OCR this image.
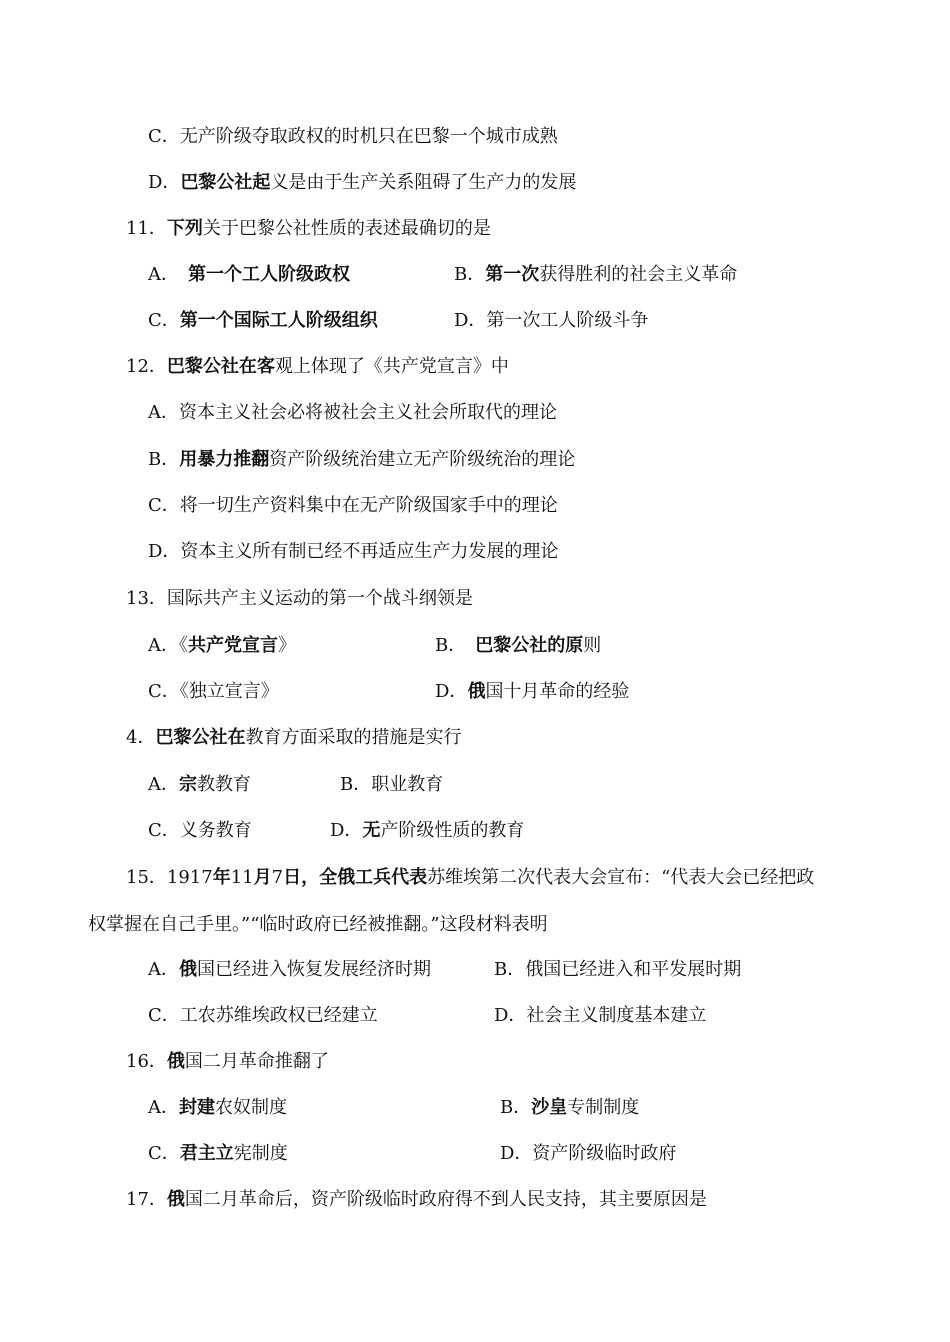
C．无产阶级夺取政权的时机只在巴黎一个城市成熟
D．巴黎公社起义是由于生产关系阻碍了生产力的发展
11．下列关于巴黎公社性质的表述最确切的是
A．　第一个工人阶级政权	B．第一次获得胜利的社会主义革命
C．第一个国际工人阶级组织	D．第一次工人阶级斗争
12．巴黎公社在客观上体现了《共产党宣言》中
A．资本主义社会必将被社会主义社会所取代的理论
B．用暴力推翻资产阶级统治建立无产阶级统治的理论
C．将一切生产资料集中在无产阶级国家手中的理论
D．资本主义所有制已经不再适应生产力发展的理论
13．国际共产主义运动的第一个战斗纲领是
A．《共产党宣言》	B．　巴黎公社的原则
C．《独立宣言》	D．俄国十月革命的经验
4．巴黎公社在教育方面采取的措施是实行
A．宗教教育	B．职业教育
C．义务教育	D．无产阶级性质的教育
15．1917年11月7日，全俄工兵代表苏维埃第二次代表大会宣布：“代表大会已经把政
权掌握在自己手里。”“临时政府已经被推翻。”这段材料表明
A．俄国已经进入恢复发展经济时期	B．俄国已经进入和平发展时期
C．工农苏维埃政权已经建立	D．社会主义制度基本建立
16．俄国二月革命推翻了
A．封建农奴制度	B．沙皇专制制度
C．君主立宪制度	D．资产阶级临时政府
17．俄国二月革命后，资产阶级临时政府得不到人民支持，其主要原因是
